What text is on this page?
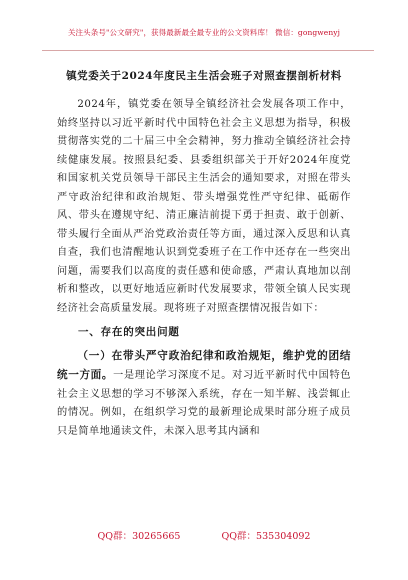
关注头条号"公文研究"，获得最新最全最专业的公文资料库！ 微信：gongwenyj
镇党委关于2024年度民主生活会班子对照查摆剖析材料

2024年，镇党委在领导全镇经济社会发展各项工作中，始终坚持以习近平新时代中国特色社会主义思想为指导，积极贯彻落实党的二十届三中全会精神，努力推动全镇经济社会持续健康发展。按照县纪委、县委组织部关于开好2024年度党和国家机关党员领导干部民主生活会的通知要求，对照在带头严守政治纪律和政治规矩、带头增强党性严守纪律、砥砺作风、带头在遵规守纪、清正廉洁前提下勇于担责、敢于创新、带头履行全面从严治党政治责任等方面，通过深入反思和认真自查，我们也清醒地认识到党委班子在工作中还存在一些突出问题，需要我们以高度的责任感和使命感，严肃认真地加以剖析和整改，以更好地适应新时代发展要求，带领全镇人民实现经济社会高质量发展。现将班子对照查摆情况报告如下：

一、存在的突出问题

（一）在带头严守政治纪律和政治规矩，维护党的团结统一方面。一是理论学习深度不足。对习近平新时代中国特色社会主义思想的学习不够深入系统，存在一知半解、浅尝辄止的情况。例如，在组织学习党的最新理论成果时部分班子成员只是简单地通读文件，未深入思考其内涵和

QQ群：30265665	QQ群：535304092
